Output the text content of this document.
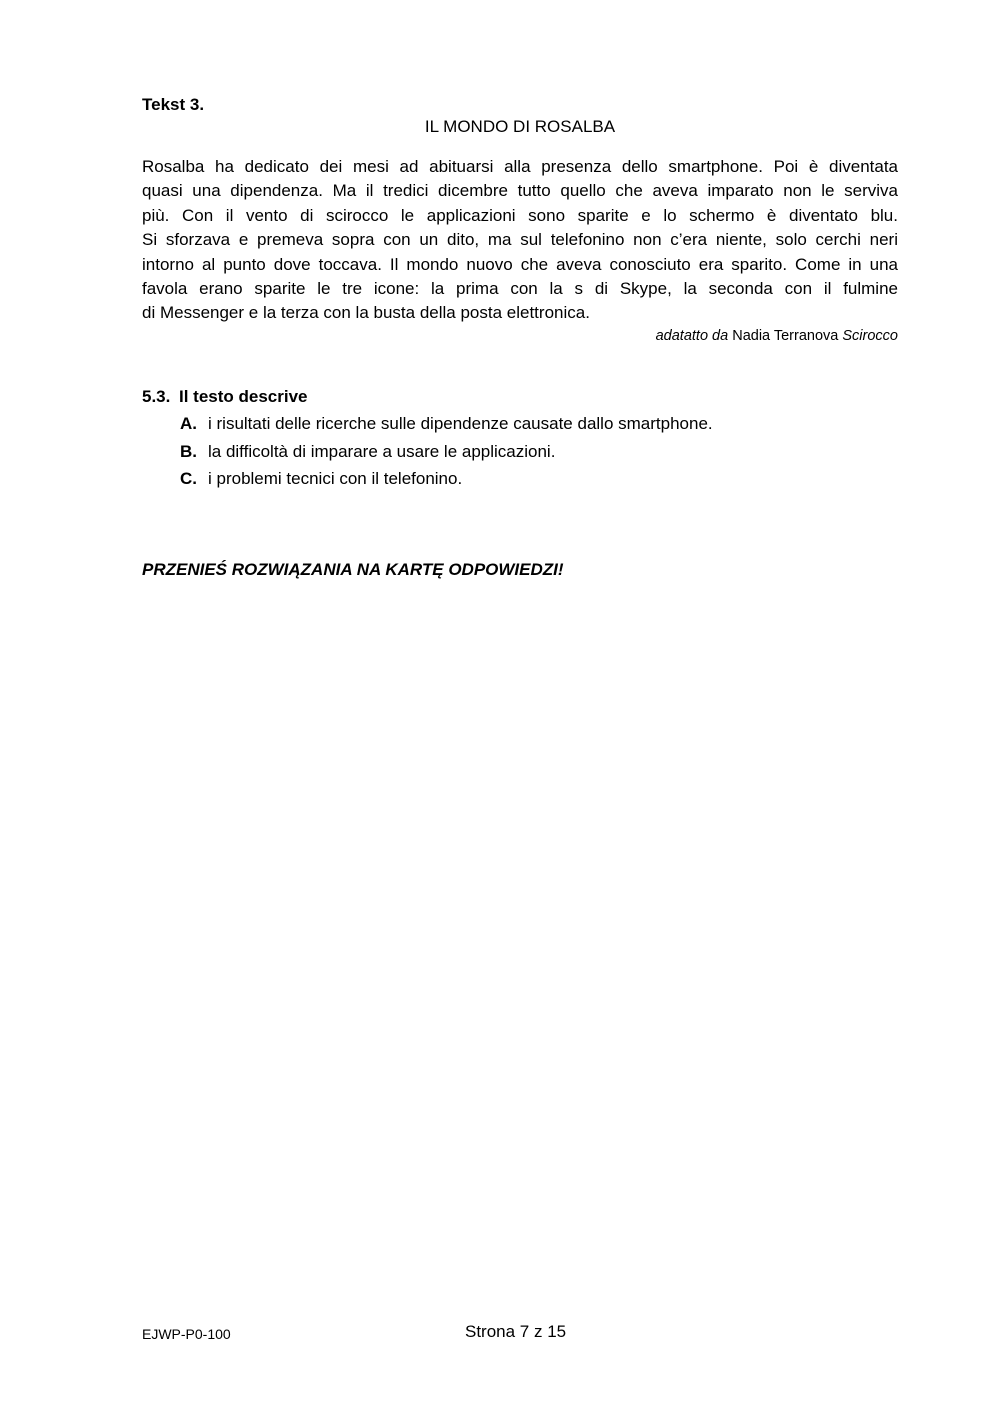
Tekst 3.
IL MONDO DI ROSALBA
Rosalba ha dedicato dei mesi ad abituarsi alla presenza dello smartphone. Poi è diventata
quasi una dipendenza. Ma il tredici dicembre tutto quello che aveva imparato non le serviva
più. Con il vento di scirocco le applicazioni sono sparite e lo schermo è diventato blu.
Si sforzava e premeva sopra con un dito, ma sul telefonino non c’era niente, solo cerchi neri
intorno al punto dove toccava. Il mondo nuovo che aveva conosciuto era sparito. Come in una
favola erano sparite le tre icone: la prima con la s di Skype, la seconda con il fulmine
di Messenger e la terza con la busta della posta elettronica.
adatatto da Nadia Terranova Scirocco
5.3. Il testo descrive
A. i risultati delle ricerche sulle dipendenze causate dallo smartphone.
B. la difficoltà di imparare a usare le applicazioni.
C. i problemi tecnici con il telefonino.
PRZENIEŚ ROZWIĄZANIA NA KARTĘ ODPOWIEDZI!
EJWP-P0-100	Strona 7 z 15
